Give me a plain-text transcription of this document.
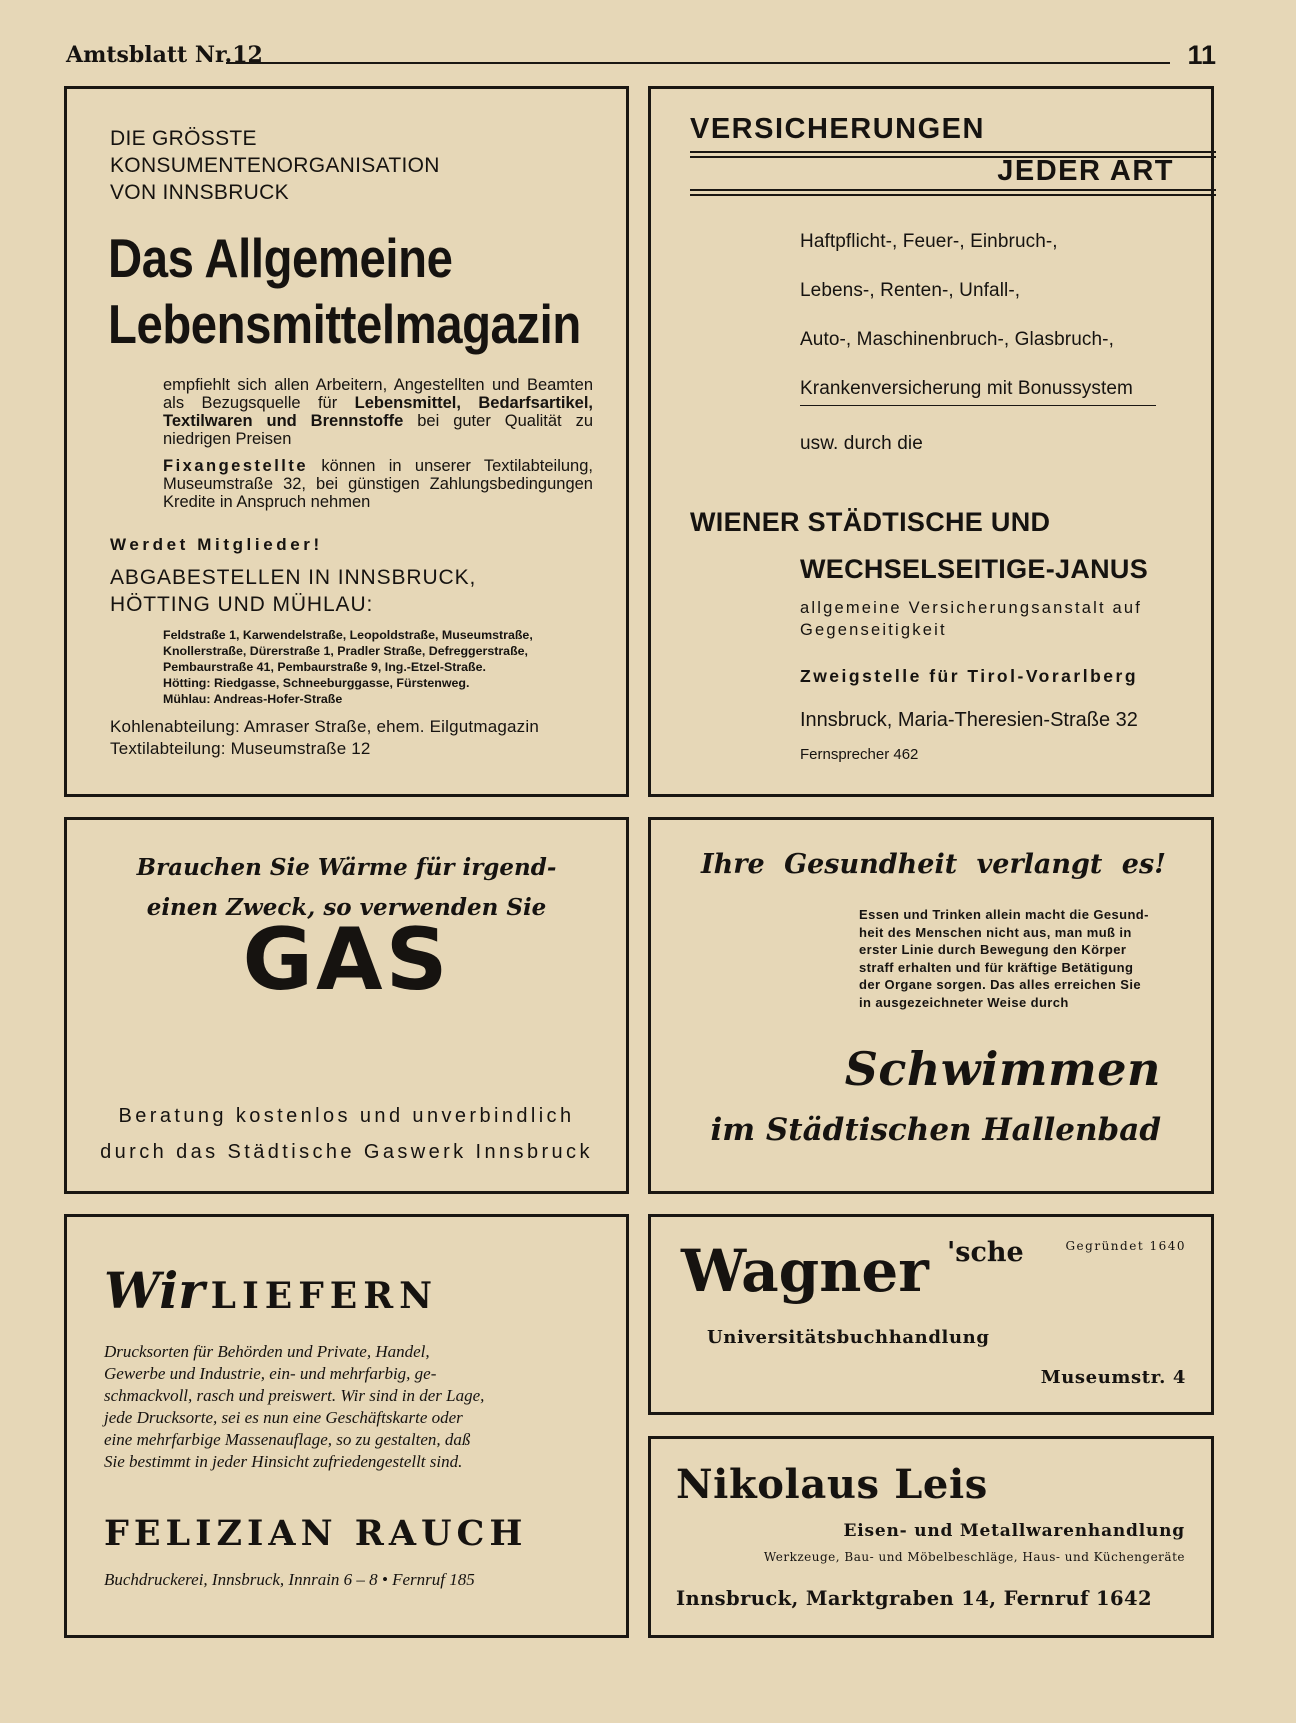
Amtsblatt Nr.12	11
DIE GRÖSSTE
KONSUMENTENORGANISATION
VON INNSBRUCK
Das Allgemeine
Lebensmittelmagazin

empfiehlt sich allen Arbeitern, Angestellten und Beamten als Bezugsquelle für Lebensmittel, Bedarfsartikel, Textilwaren und Brennstoffe bei guter Qualität zu niedrigen Preisen

Fixangestellte können in unserer Textilabteilung, Museumstraße 32, bei günstigen Zahlungsbedingungen Kredite in Anspruch nehmen

Werdet Mitglieder!
ABGABESTELLEN IN INNSBRUCK,
HÖTTING UND MÜHLAU:
Feldstraße 1, Karwendelstraße, Leopoldstraße, Museumstraße,
Knollerstraße, Dürerstraße 1, Pradler Straße, Defreggerstraße,
Pembaurstraße 41, Pembaurstraße 9, Ing.-Etzel-Straße.
Hötting: Riedgasse, Schneeburggasse, Fürstenweg.
Mühlau: Andreas-Hofer-Straße
Kohlenabteilung: Amraser Straße, ehem. Eilgutmagazin
Textilabteilung: Museumstraße 12
VERSICHERUNGEN
JEDER ART
Haftpflicht-, Feuer-, Einbruch-,
Lebens-, Renten-, Unfall-,
Auto-, Maschinenbruch-, Glasbruch-,
Krankenversicherung mit Bonussystem
usw. durch die
WIENER STÄDTISCHE UND
WECHSELSEITIGE-JANUS
allgemeine Versicherungsanstalt auf
Gegenseitigkeit
Zweigstelle für Tirol-Vorarlberg
Innsbruck, Maria-Theresien-Straße 32
Fernsprecher 462
Brauchen Sie Wärme für irgend-
einen Zweck, so verwenden Sie
GAS
Beratung kostenlos und unverbindlich
durch das Städtische Gaswerk Innsbruck
Ihre Gesundheit verlangt es!
Essen und Trinken allein macht die Gesund-
heit des Menschen nicht aus, man muß in
erster Linie durch Bewegung den Körper
straff erhalten und für kräftige Betätigung
der Organe sorgen. Das alles erreichen Sie
in ausgezeichneter Weise durch
Schwimmen
im Städtischen Hallenbad
Wir LIEFERN
Drucksorten für Behörden und Private, Handel,
Gewerbe und Industrie, ein- und mehrfarbig, ge-
schmackvoll, rasch und preiswert. Wir sind in der Lage,
jede Drucksorte, sei es nun eine Geschäftskarte oder
eine mehrfarbige Massenauflage, so zu gestalten, daß
Sie bestimmt in jeder Hinsicht zufriedengestellt sind.
FELIZIAN RAUCH
Buchdruckerei, Innsbruck, Innrain 6 – 8 • Fernruf 185
Wagner 'sche	Gegründet 1640
Universitätsbuchhandlung
Museumstr. 4
Nikolaus Leis
Eisen- und Metallwarenhandlung
Werkzeuge, Bau- und Möbelbeschläge, Haus- und Küchengeräte
Innsbruck, Marktgraben 14, Fernruf 1642
